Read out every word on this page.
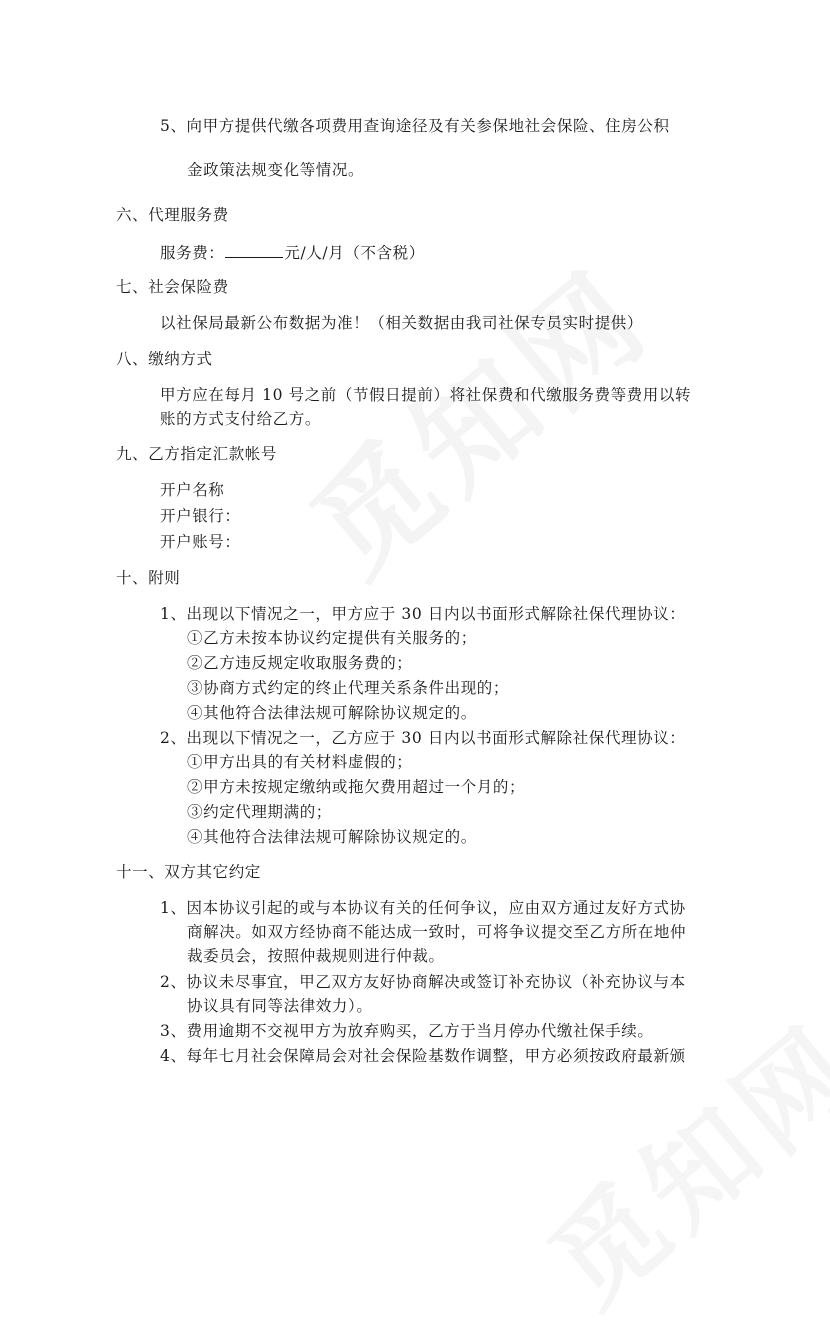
5、向甲方提供代缴各项费用查询途径及有关参保地社会保险、住房公积
金政策法规变化等情况。
六、代理服务费
服务费：	元/人/月（不含税）
七、社会保险费
以社保局最新公布数据为准！（相关数据由我司社保专员实时提供）
八、缴纳方式
甲方应在每月 10 号之前（节假日提前）将社保费和代缴服务费等费用以转
账的方式支付给乙方。
九、乙方指定汇款帐号
开户名称
开户银行：
开户账号：
十、附则
1、出现以下情况之一，甲方应于 30 日内以书面形式解除社保代理协议：
①乙方未按本协议约定提供有关服务的；
②乙方违反规定收取服务费的；
③协商方式约定的终止代理关系条件出现的；
④其他符合法律法规可解除协议规定的。
2、出现以下情况之一，乙方应于 30 日内以书面形式解除社保代理协议：
①甲方出具的有关材料虚假的；
②甲方未按规定缴纳或拖欠费用超过一个月的；
③约定代理期满的；
④其他符合法律法规可解除协议规定的。
十一、双方其它约定
1、因本协议引起的或与本协议有关的任何争议，应由双方通过友好方式协
商解决。如双方经协商不能达成一致时，可将争议提交至乙方所在地仲
裁委员会，按照仲裁规则进行仲裁。
2、协议未尽事宜，甲乙双方友好协商解决或签订补充协议（补充协议与本
协议具有同等法律效力）。
3、费用逾期不交视甲方为放弃购买，乙方于当月停办代缴社保手续。
4、每年七月社会保障局会对社会保险基数作调整，甲方必须按政府最新颁
